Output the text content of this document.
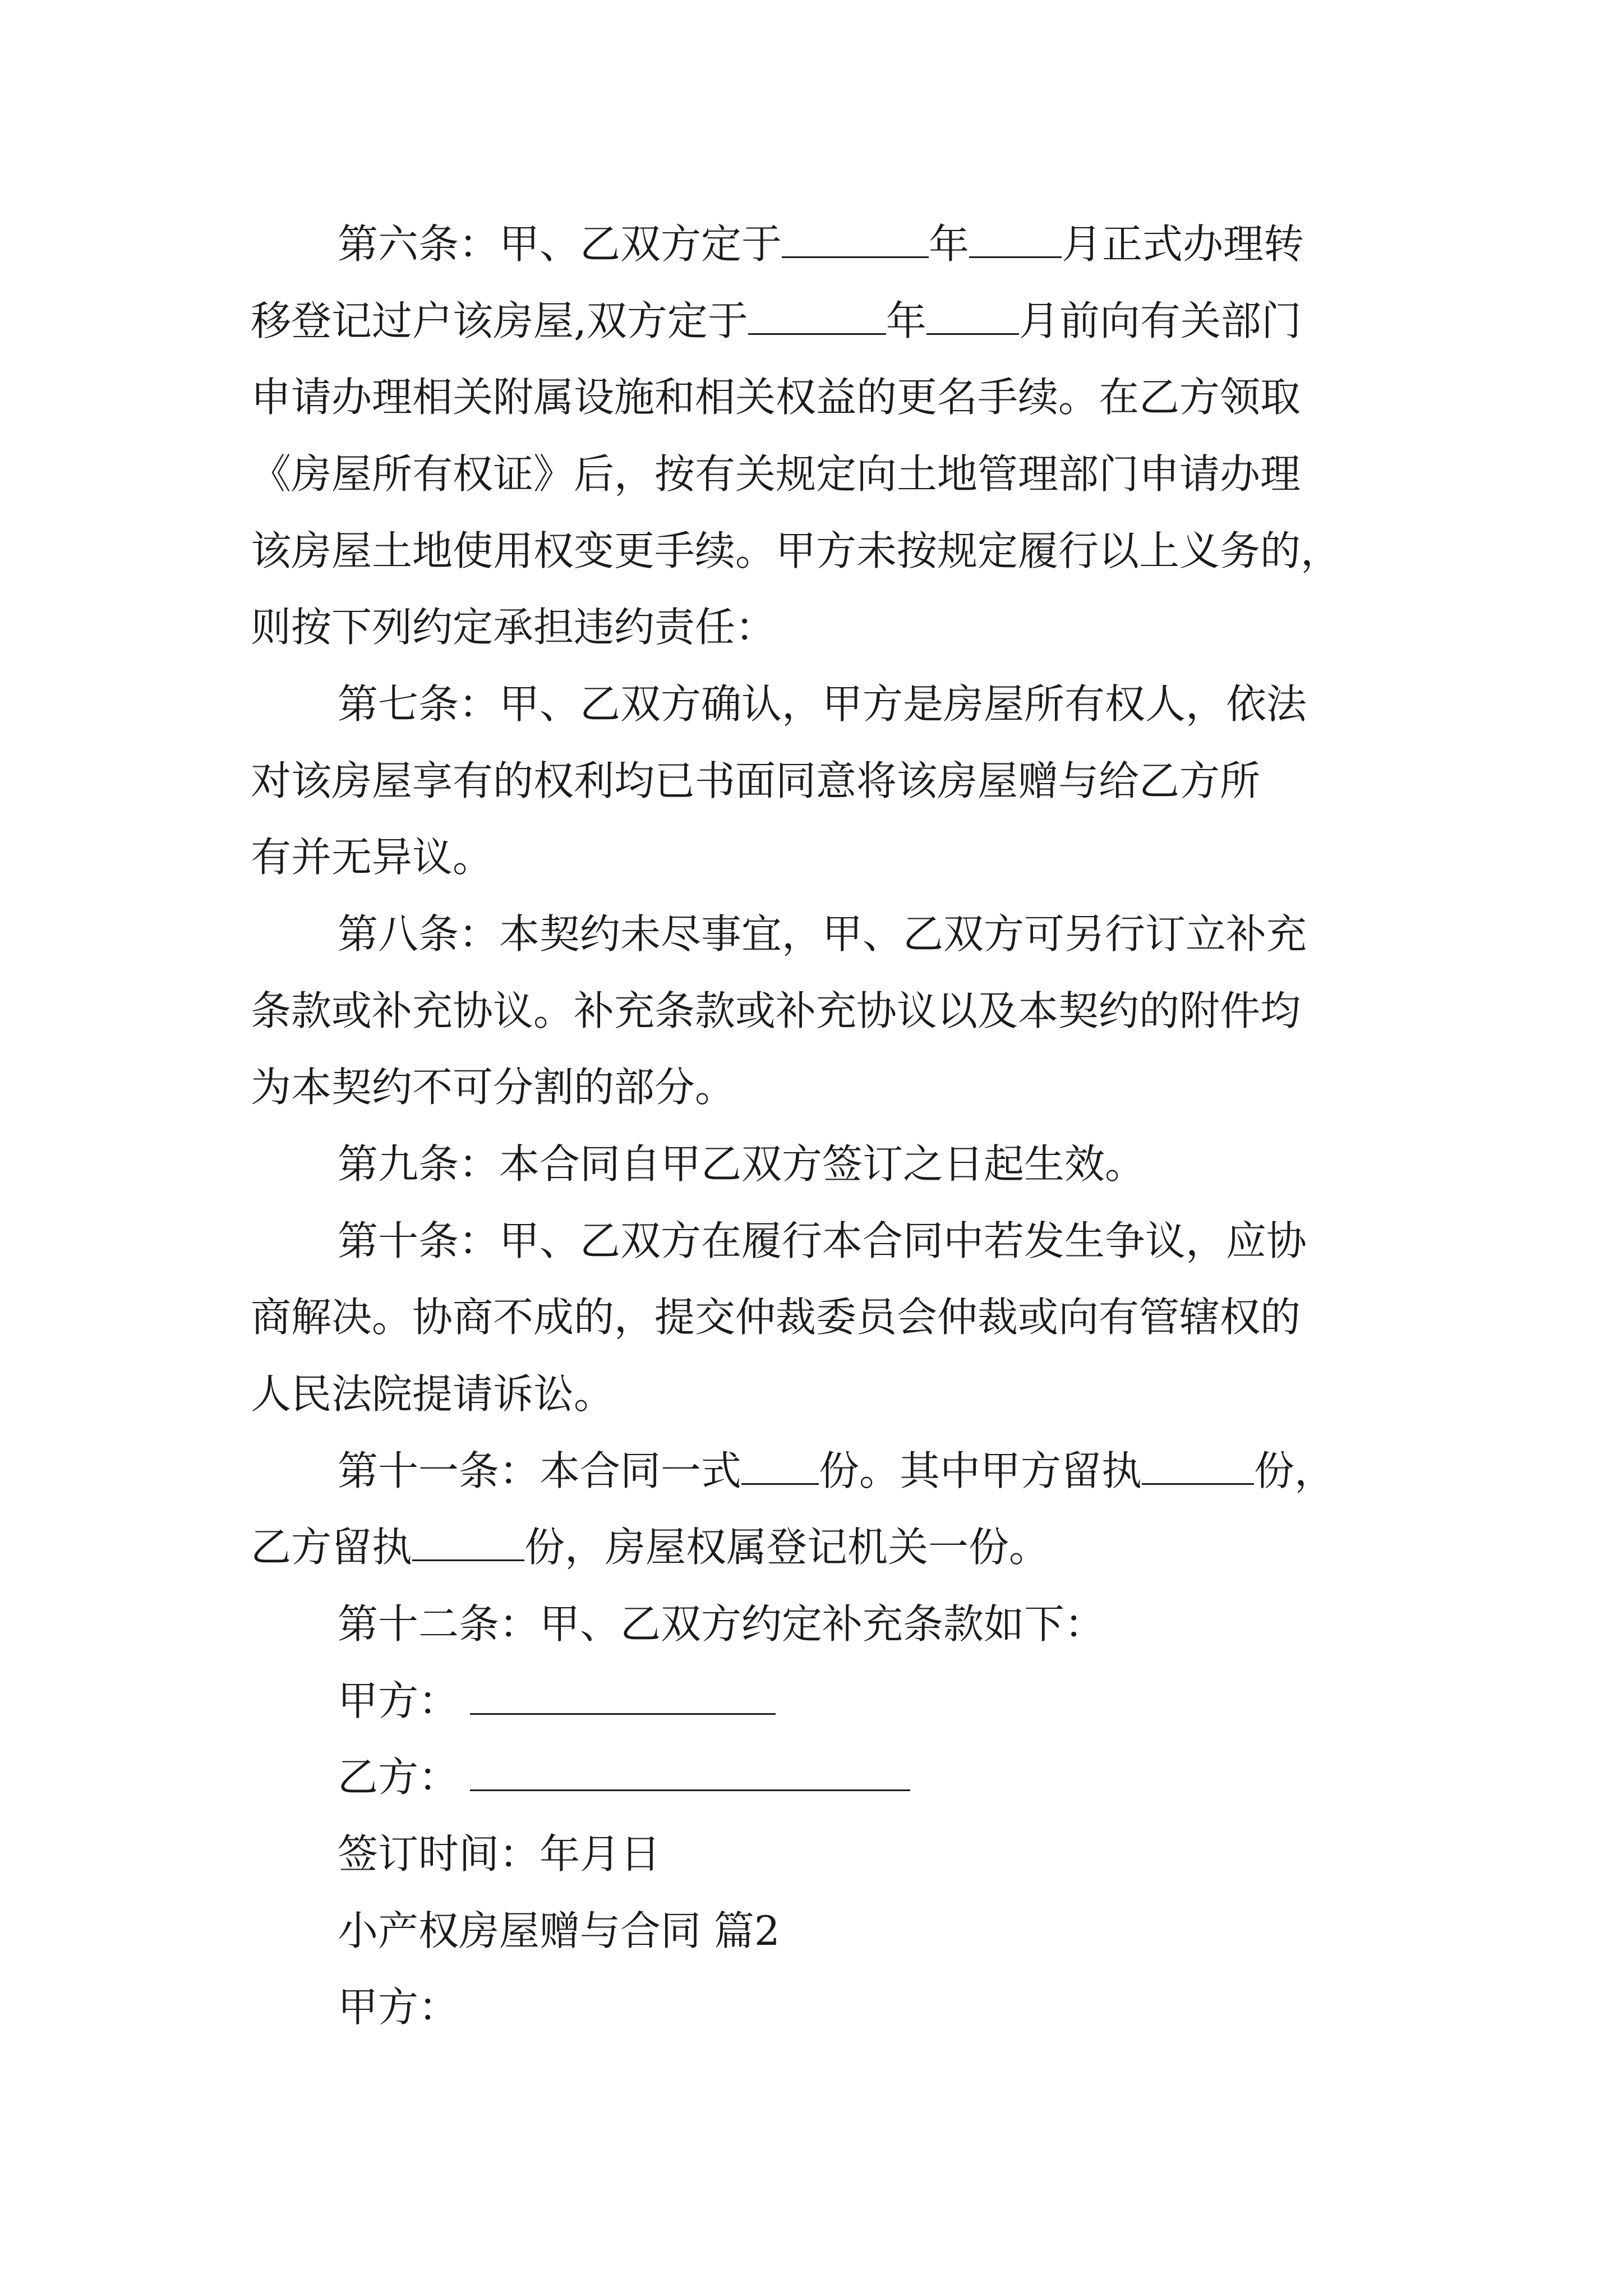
第六条：甲、乙双方定于	年 月正式办理转
移登记过户该房屋,双方定于	年 月前向有关部门
申请办理相关附属设施和相关权益的更名手续。在乙方领取
《房屋所有权证》后，按有关规定向土地管理部门申请办理
该房屋土地使用权变更手续。甲方未按规定履行以上义务的，
则按下列约定承担违约责任：
第七条：甲、乙双方确认，甲方是房屋所有权人，依法
对该房屋享有的权利均已书面同意将该房屋赠与给乙方所
有并无异议。
第八条：本契约未尽事宜，甲、乙双方可另行订立补充
条款或补充协议。补充条款或补充协议以及本契约的附件均
为本契约不可分割的部分。
第九条：本合同自甲乙双方签订之日起生效。
第十条：甲、乙双方在履行本合同中若发生争议，应协
商解决。协商不成的，提交仲裁委员会仲裁或向有管辖权的
人民法院提请诉讼。
第十一条：本合同一式 份。其中甲方留执	份，
乙方留执	份，房屋权属登记机关一份。
第十二条：甲、乙双方约定补充条款如下：
甲方：
乙方：
签订时间：年月日
小产权房屋赠与合同 篇2
甲方：
